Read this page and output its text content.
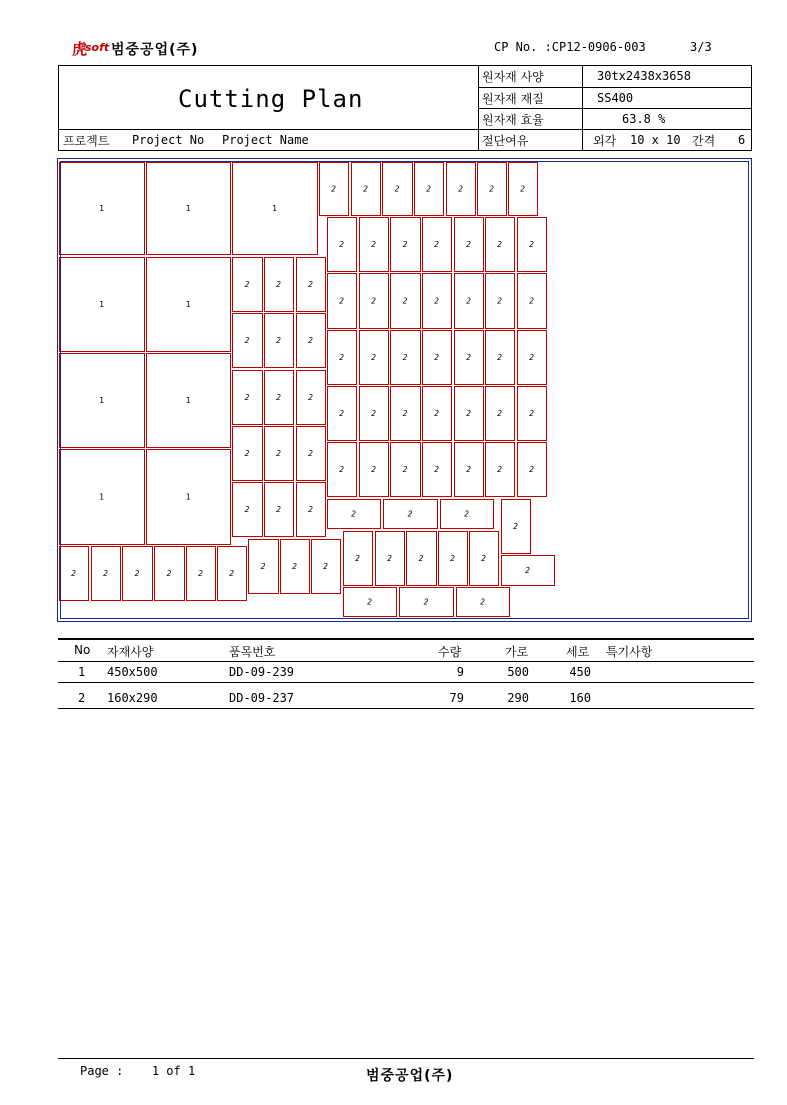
虎
soft 범중공업(주)	CP No. :CP12-0906-003	3/3
Cutting Plan
원자재 사양	30tx2438x3658
원자재 재질	SS400
원자재 효율	63.8 %
프로젝트 Project No Project Name	절단여유	외각 10 x 10 간격 6
1	1	1
1	1
1	1
1	1
2	2	2	2	2	2	2
2	2	2	2	2	2	2
2	2	2	2	2	2	2
2	2	2	2	2	2	2
2	2	2	2	2	2	2
2	2	2	2	2	2	2
2	2	2
2	2	2
2	2	2
2	2	2
2	2	2	2	2	2
2
2	2	2	2	2	2
2	2	2
2	2	2	2	2
2
2	2	2
No 자재사양	품목번호	수량	가로	세로 특기사항
1 450x500	DD-09-239	9	500	450
2 160x290	DD-09-237	79	290	160
Page : 1 of 1	범중공업(주)
